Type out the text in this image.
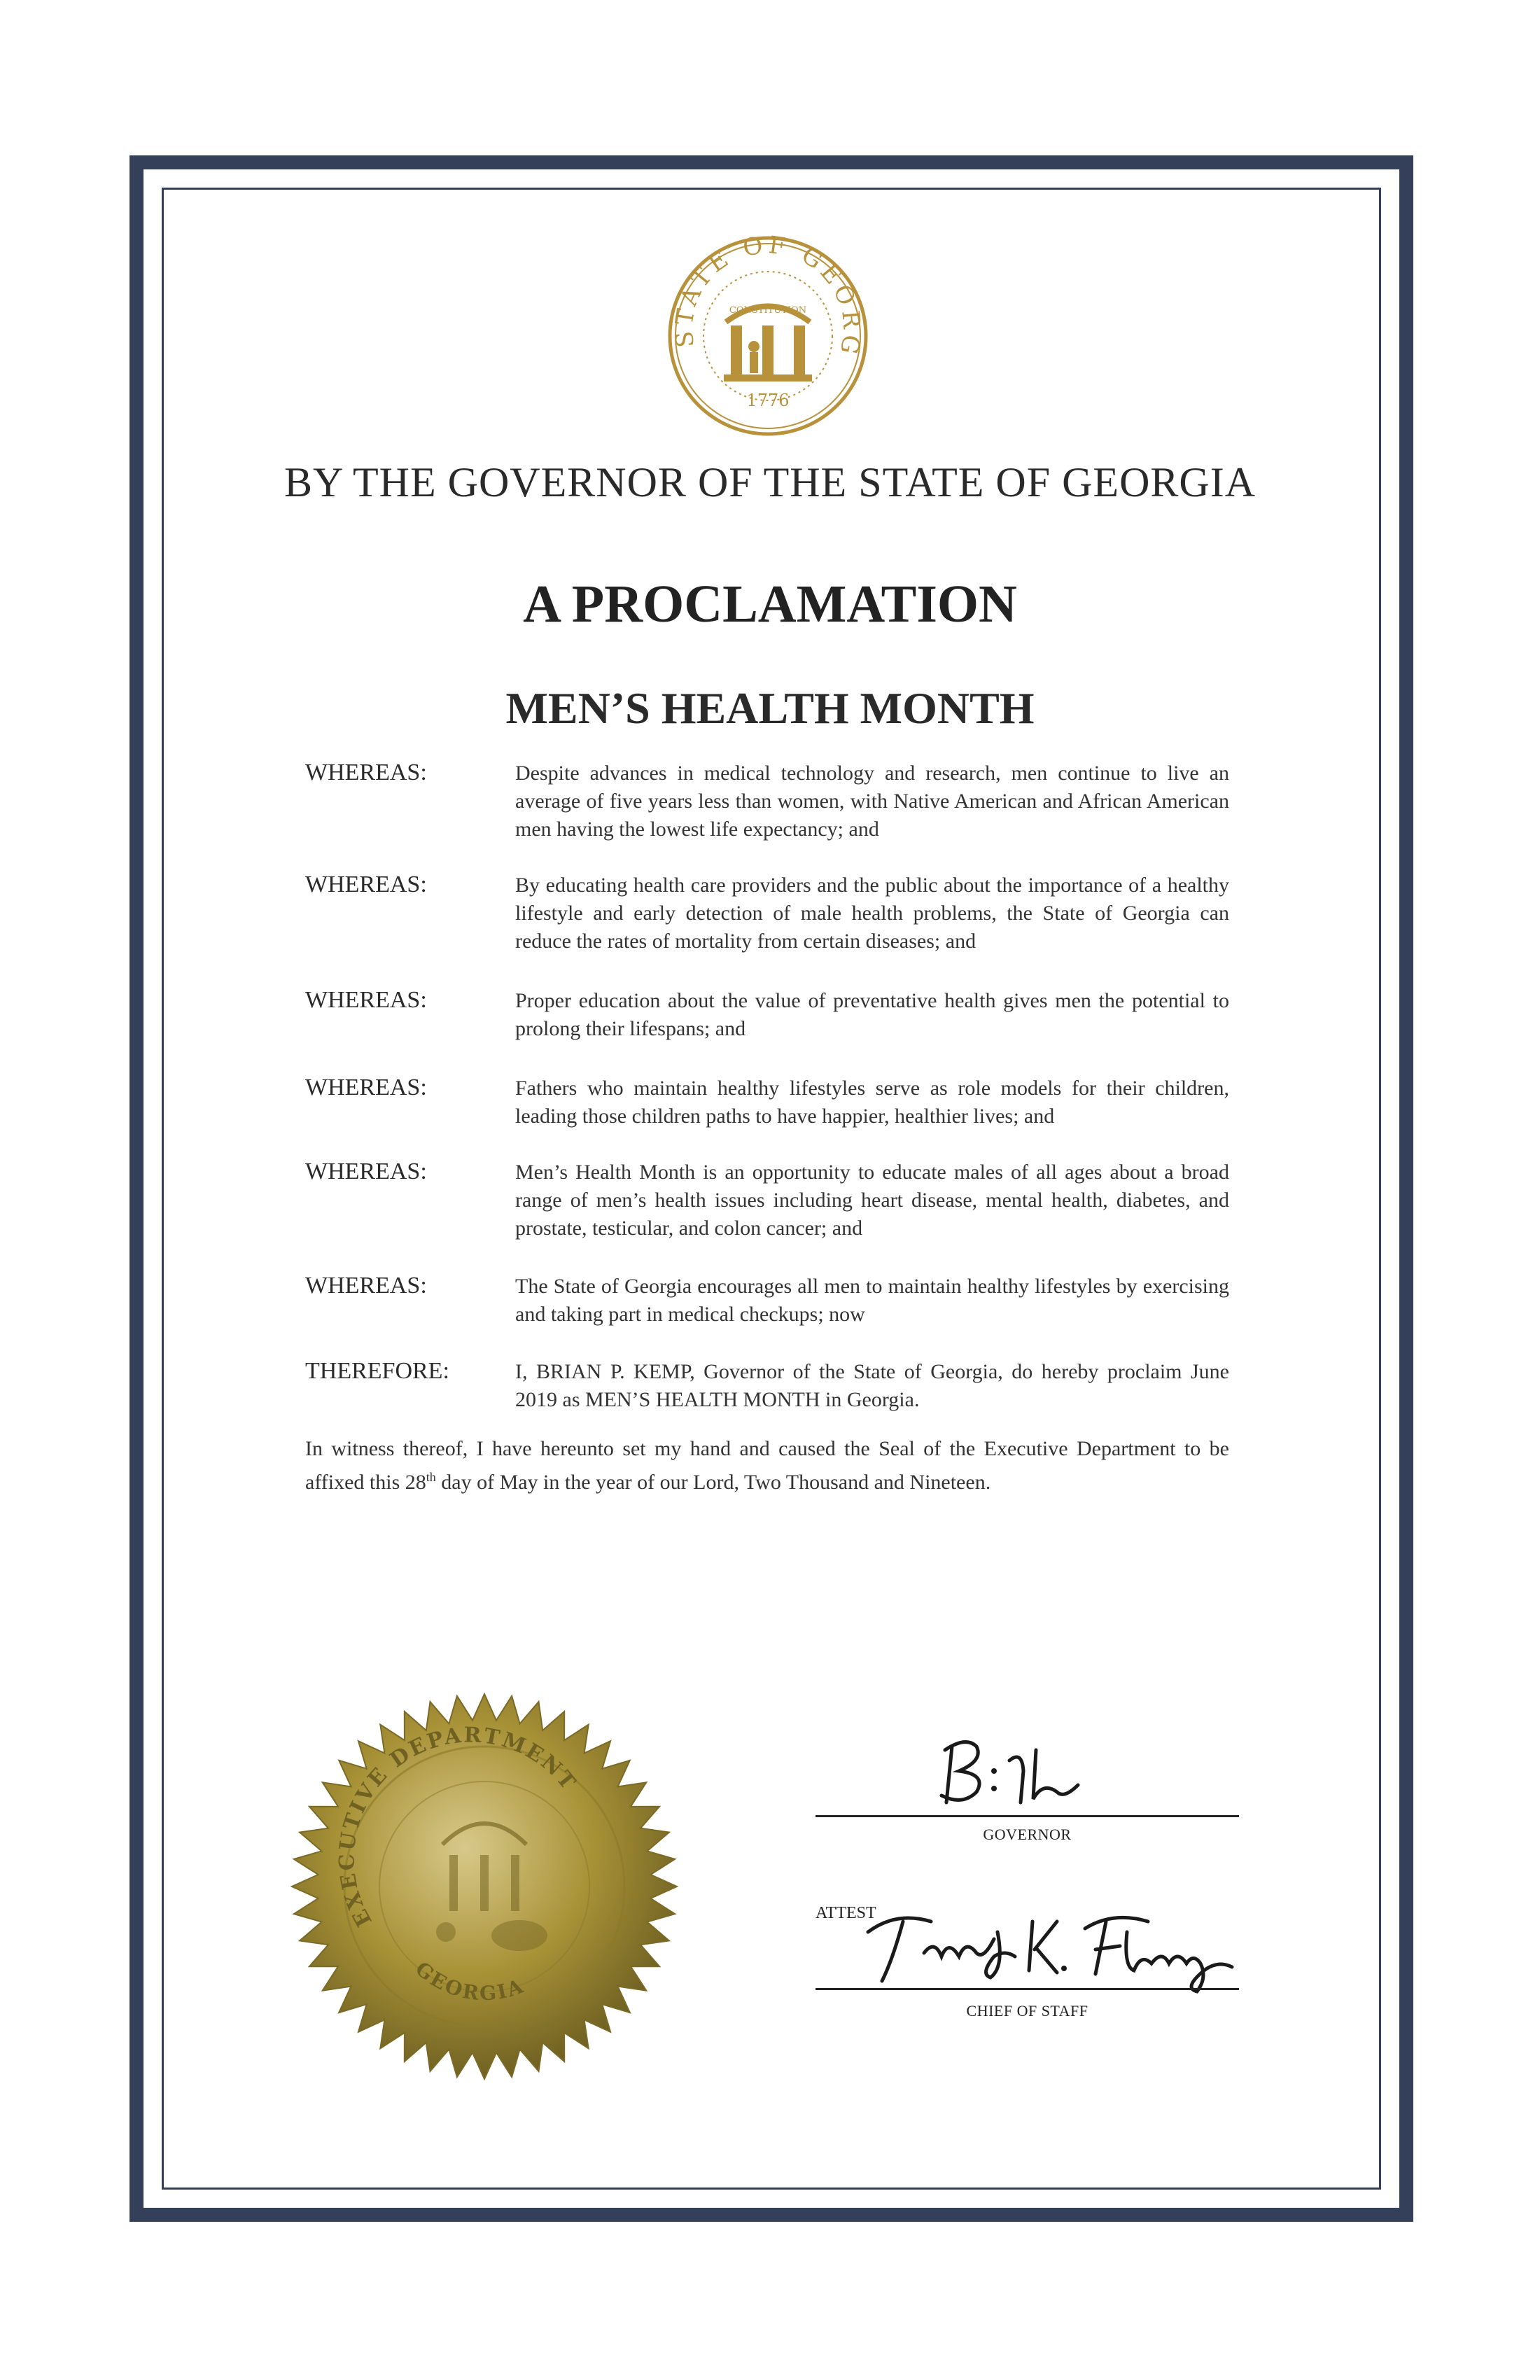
STATE OF GEORG
CONSTITUTION
1776
BY THE GOVERNOR OF THE STATE OF GEORGIA
A PROCLAMATION
MEN’S HEALTH MONTH
WHEREAS:	Despite advances in medical technology and research, men continue to live an average of five years less than women, with Native American and African American men having the lowest life expectancy; and
WHEREAS:	By educating health care providers and the public about the importance of a healthy lifestyle and early detection of male health problems, the State of Georgia can reduce the rates of mortality from certain diseases; and
WHEREAS:	Proper education about the value of preventative health gives men the potential to prolong their lifespans; and
WHEREAS:	Fathers who maintain healthy lifestyles serve as role models for their children, leading those children paths to have happier, healthier lives; and
WHEREAS:	Men’s Health Month is an opportunity to educate males of all ages about a broad range of men’s health issues including heart disease, mental health, diabetes, and prostate, testicular, and colon cancer; and
WHEREAS:	The State of Georgia encourages all men to maintain healthy lifestyles by exercising and taking part in medical checkups; now
THEREFORE:	I, BRIAN P. KEMP, Governor of the State of Georgia, do hereby proclaim June 2019 as MEN’S HEALTH MONTH in Georgia.
In witness thereof, I have hereunto set my hand and caused the Seal of the Executive Department to be affixed this 28th day of May in the year of our Lord, Two Thousand and Nineteen.
EXECUTIVE DEPARTMENT
GEORGIA
GOVERNOR
ATTEST
CHIEF OF STAFF
